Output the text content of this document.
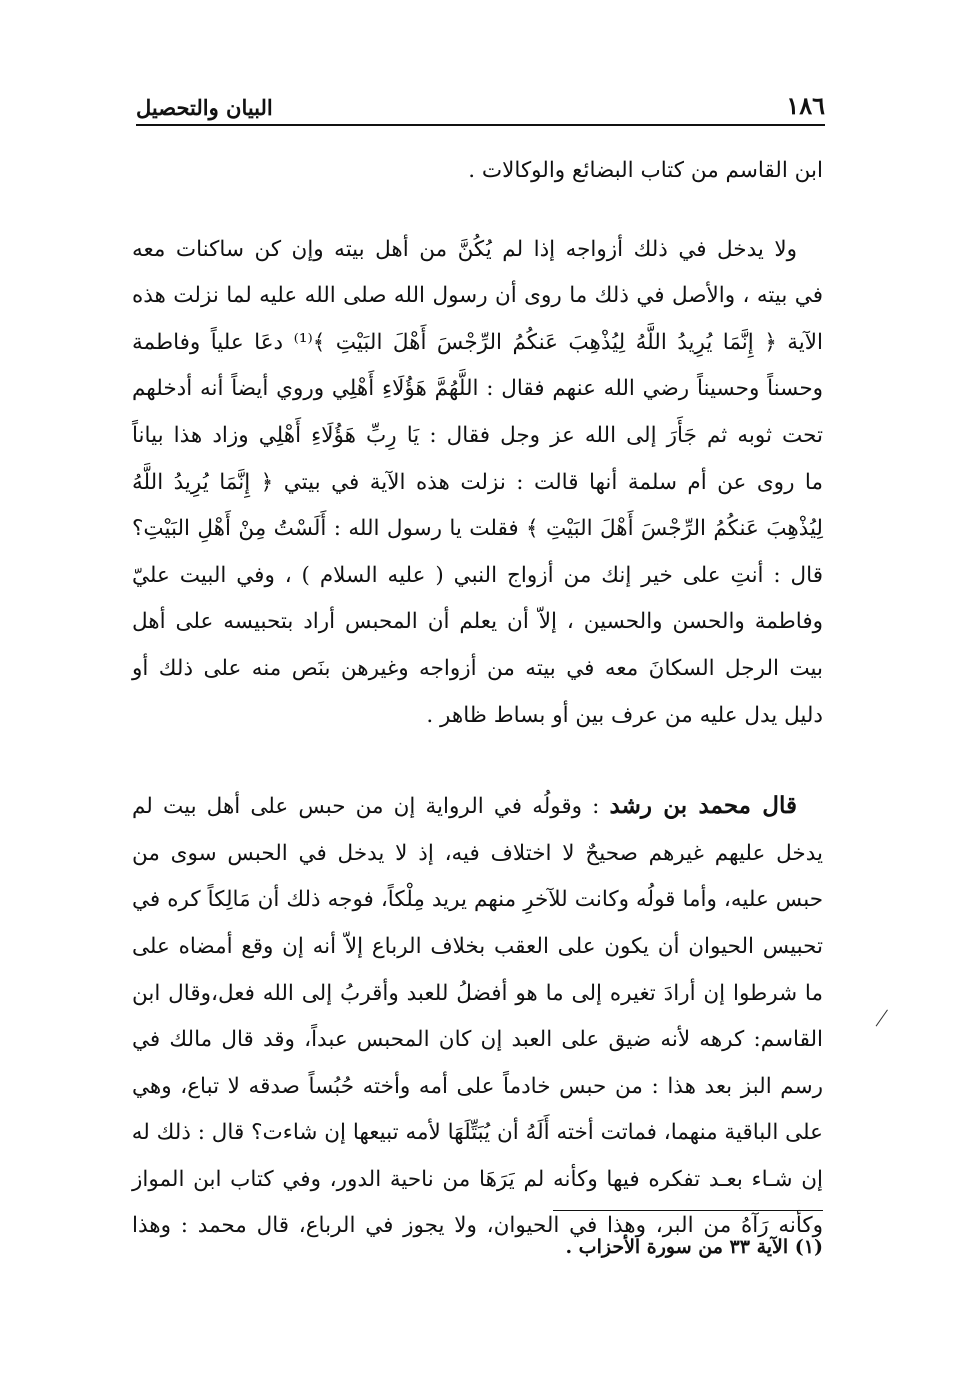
البيان والتحصيل	١٨٦
ابن القاسم من كتاب البضائع والوكالات .
ولا يدخل في ذلك أزواجه إذا لم يُكُنَّ من أهل بيته وإن كن ساكنات معه
في بيته ، والأصل في ذلك ما روى أن رسول الله صلى الله عليه لما نزلت هذه
الآية ﴿ إِنَّمَا يُرِيدُ اللَّهُ لِيُذْهِبَ عَنكُمُ الرِّجْسَ أَهْلَ البَيْتِ ﴾⁽¹⁾ دعَا علياً وفاطمة
وحسناً وحسيناً رضي الله عنهم فقال : اللَّهُمَّ هَؤُلَاءِ أَهْلِي وروي أيضاً أنه أدخلهم
تحت ثوبه ثم جَأَرَ إلى الله عز وجل فقال : يَا رِبِّ هَؤُلَاءِ أَهْلِي وزاد هذا بياناً
ما روى عن أم سلمة أنها قالت : نزلت هذه الآية في بيتي ﴿ إِنَّمَا يُرِيدُ اللَّهُ
لِيُذْهِبَ عَنكُمُ الرِّجْسَ أَهْلَ البَيْتِ ﴾ فقلت يا رسول الله : أَلَسْتُ مِنْ أَهْلِ البَيْتِ؟
قال : أنتِ على خير إنك من أزواج النبي ( عليه السلام ) ، وفي البيت عليّ
وفاطمة والحسن والحسين ، إلاّ أن يعلم أن المحبس أراد بتحبيسه على أهل
بيت الرجل السكانَ معه في بيته من أزواجه وغيرهن بنَص منه على ذلك أو
دليل يدل عليه من عرف بين أو بساط ظاهر .
قال محمد بن رشد : وقولُه في الرواية إن من حبس على أهل بيت لم
يدخل عليهم غيرهم صحيحٌ لا اختلاف فيه، إذ لا يدخل في الحبس سوى من
حبس عليه، وأما قولُه وكانت للآخرِ منهم يريد مِلْكاً، فوجه ذلك أن مَالِكاً كره في
تحبيس الحيوان أن يكون على العقب بخلاف الرباع إلاّ أنه إن وقع أمضاه على
ما شرطوا إن أرادَ تغيره إلى ما هو أفضلُ للعبد وأقربُ إلى الله فعل،وقال ابن
القاسم: كرهه لأنه ضيق على العبد إن كان المحبس عبداً، وقد قال مالك في
رسم البز بعد هذا : من حبس خادماً على أمه وأخته حُبُساً صدقه لا تباع، وهي
على الباقية منهما، فماتت أخته أَلَهُ أن يُبَتِّلَهَا لأمه تبيعها إن شاءت؟ قال : ذلك له
إن شـاء بعـد تفكره فيها وكأنه لم يَرَهَا من ناحية الدور، وفي كتاب ابن المواز
وكأنه رَآهُ من البر، وهذا في الحيوان، ولا يجوز في الرباع، قال محمد : وهذا
(١) الآية ٣٣ من سورة الأحزاب .
